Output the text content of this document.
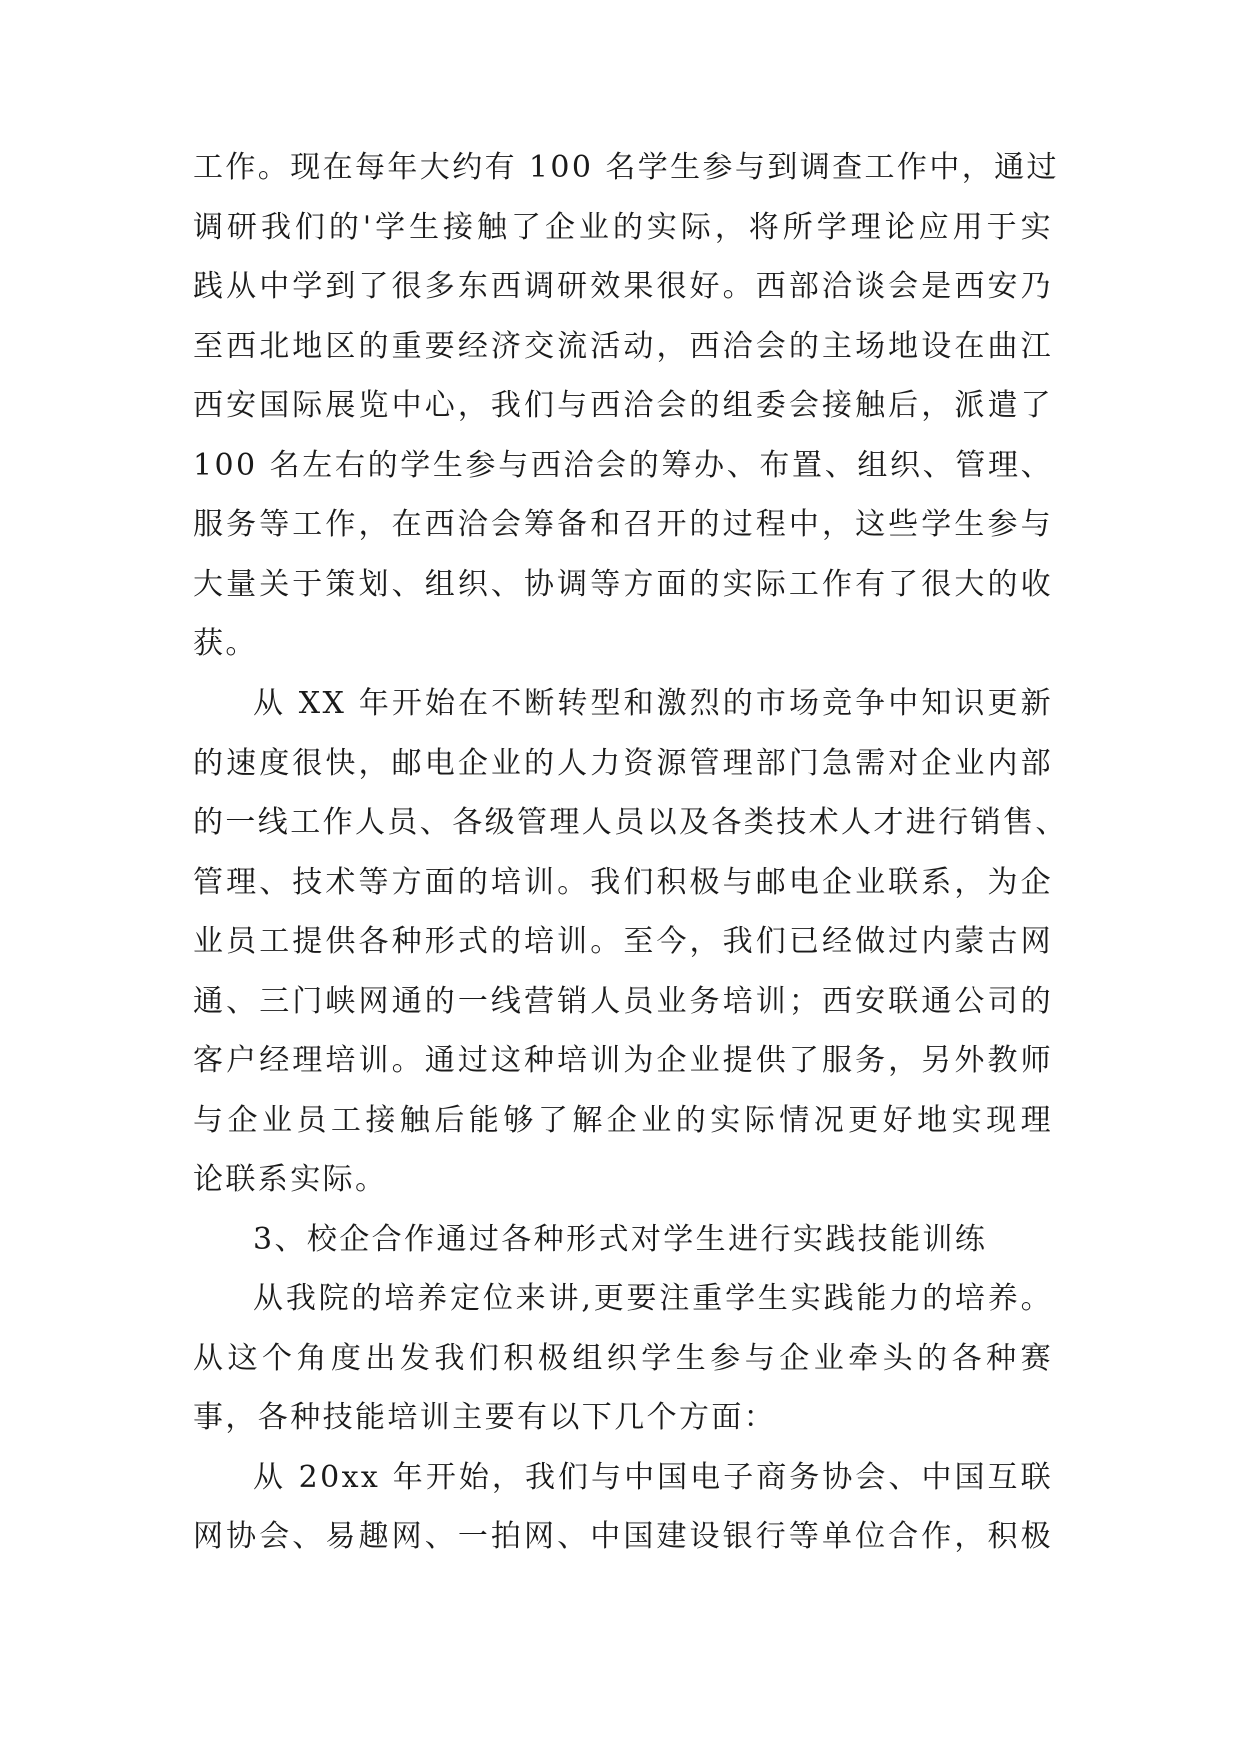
工作。现在每年大约有 100 名学生参与到调查工作中，通过
调研我们的'学生接触了企业的实际，将所学理论应用于实
践从中学到了很多东西调研效果很好。西部洽谈会是西安乃
至西北地区的重要经济交流活动，西洽会的主场地设在曲江
西安国际展览中心，我们与西洽会的组委会接触后，派遣了
100 名左右的学生参与西洽会的筹办、布置、组织、管理、
服务等工作，在西洽会筹备和召开的过程中，这些学生参与
大量关于策划、组织、协调等方面的实际工作有了很大的收
获。
从 XX 年开始在不断转型和激烈的市场竞争中知识更新
的速度很快，邮电企业的人力资源管理部门急需对企业内部
的一线工作人员、各级管理人员以及各类技术人才进行销售、
管理、技术等方面的培训。我们积极与邮电企业联系，为企
业员工提供各种形式的培训。至今，我们已经做过内蒙古网
通、三门峡网通的一线营销人员业务培训；西安联通公司的
客户经理培训。通过这种培训为企业提供了服务，另外教师
与企业员工接触后能够了解企业的实际情况更好地实现理
论联系实际。
3、校企合作通过各种形式对学生进行实践技能训练
从我院的培养定位来讲,更要注重学生实践能力的培养。
从这个角度出发我们积极组织学生参与企业牵头的各种赛
事，各种技能培训主要有以下几个方面：
从 20xx 年开始，我们与中国电子商务协会、中国互联
网协会、易趣网、一拍网、中国建设银行等单位合作，积极
